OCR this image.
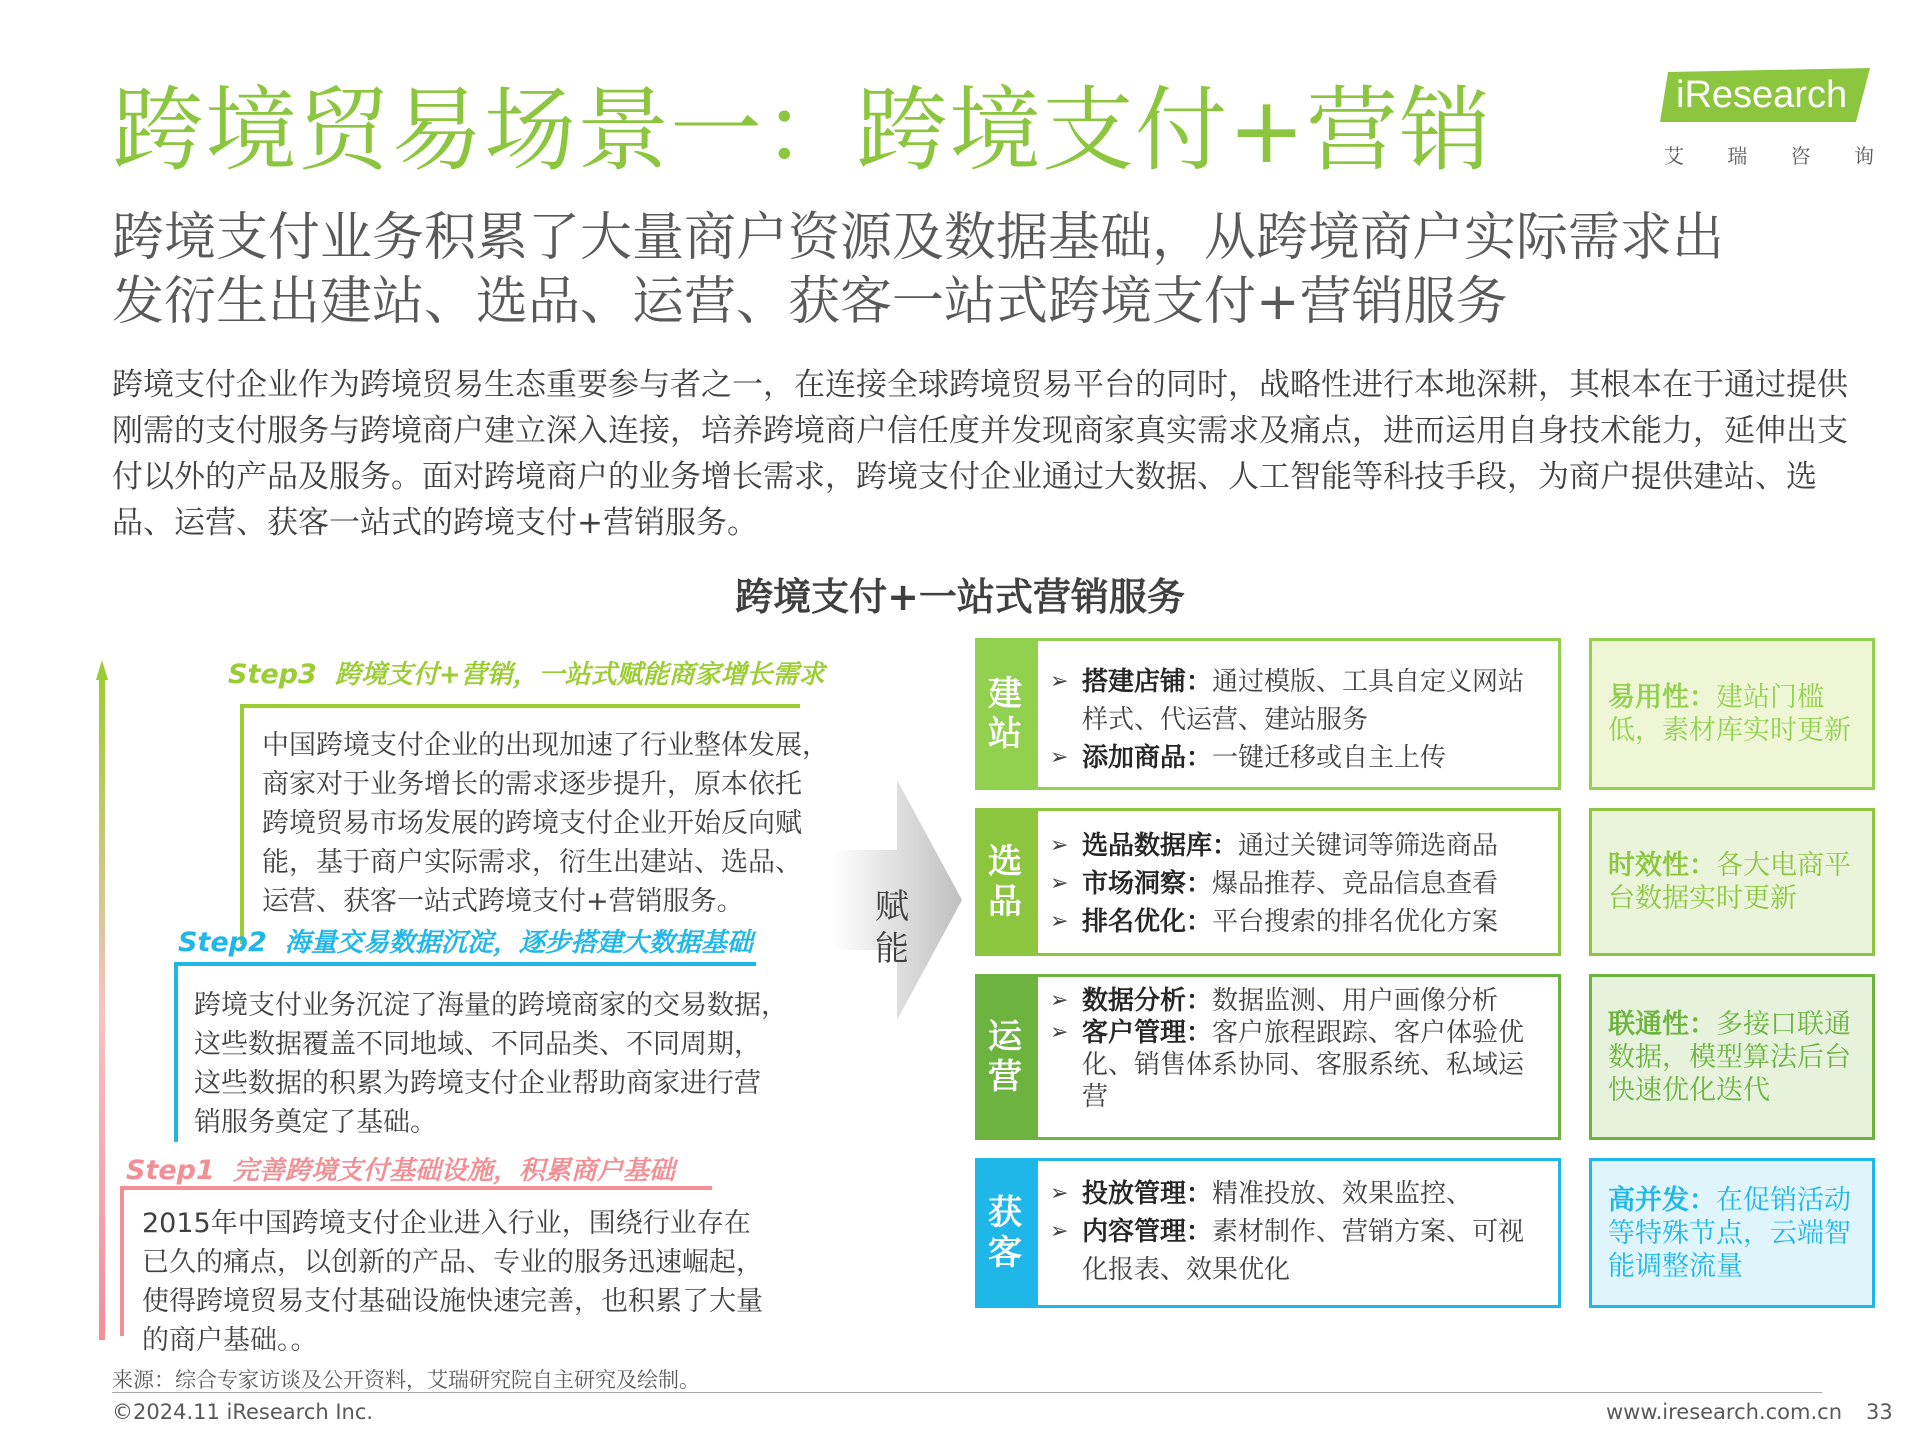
跨境贸易场景一：跨境支付+营销	iResearch
艾 瑞 咨 询
跨境支付业务积累了大量商户资源及数据基础，从跨境商户实际需求出
发衍生出建站、选品、运营、获客一站式跨境支付+营销服务
跨境支付企业作为跨境贸易生态重要参与者之一，在连接全球跨境贸易平台的同时，战略性进行本地深耕，其根本在于通过提供刚需的支付服务与跨境商户建立深入连接，培养跨境商户信任度并发现商家真实需求及痛点，进而运用自身技术能力，延伸出支付以外的产品及服务。面对跨境商户的业务增长需求，跨境支付企业通过大数据、人工智能等科技手段，为商户提供建站、选品、运营、获客一站式的跨境支付+营销服务。
跨境支付+一站式营销服务
Step3 跨境支付+营销，一站式赋能商家增长需求
中国跨境支付企业的出现加速了行业整体发展，
商家对于业务增长的需求逐步提升，原本依托
跨境贸易市场发展的跨境支付企业开始反向赋
能，基于商户实际需求，衍生出建站、选品、
运营、获客一站式跨境支付+营销服务。
Step2 海量交易数据沉淀，逐步搭建大数据基础
跨境支付业务沉淀了海量的跨境商家的交易数据，
这些数据覆盖不同地域、不同品类、不同周期，
这些数据的积累为跨境支付企业帮助商家进行营
销服务奠定了基础。
Step1 完善跨境支付基础设施，积累商户基础
2015年中国跨境支付企业进入行业，围绕行业存在
已久的痛点，以创新的产品、专业的服务迅速崛起，
使得跨境贸易支付基础设施快速完善，也积累了大量
的商户基础。。
赋能
建
站
➢ 搭建店铺：通过模版、工具自定义网站样式、代运营、建站服务
➢ 添加商品：一键迁移或自主上传
易用性：建站门槛低，素材库实时更新
选
品
➢ 选品数据库：通过关键词等筛选商品
➢ 市场洞察：爆品推荐、竞品信息查看
➢ 排名优化：平台搜索的排名优化方案
时效性：各大电商平台数据实时更新
运
营
➢ 数据分析：数据监测、用户画像分析
➢ 客户管理：客户旅程跟踪、客户体验优化、销售体系协同、客服系统、私域运营
联通性：多接口联通数据，模型算法后台快速优化迭代
获
客
➢ 投放管理：精准投放、效果监控、
➢ 内容管理：素材制作、营销方案、可视化报表、效果优化
高并发：在促销活动等特殊节点，云端智能调整流量
来源：综合专家访谈及公开资料，艾瑞研究院自主研究及绘制。
©2024.11 iResearch Inc.	www.iresearch.com.cn 33
